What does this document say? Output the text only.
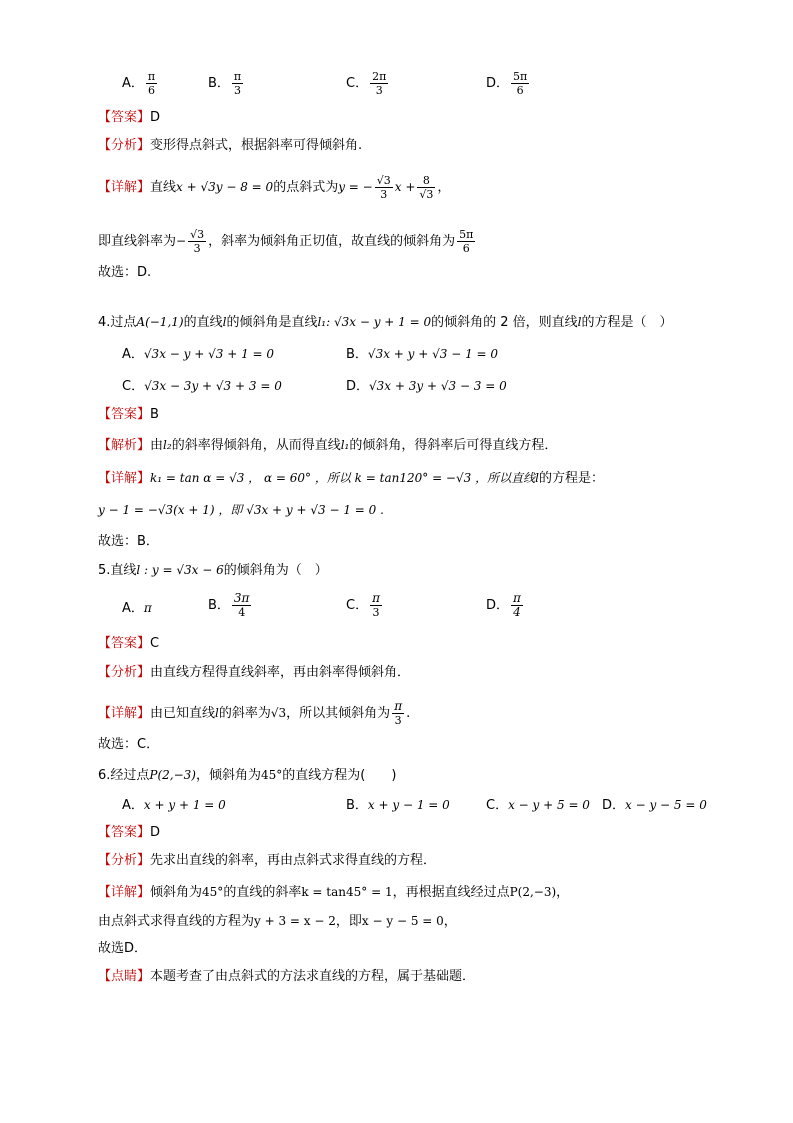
A． $\frac{\pi}{6}$	B． $\frac{\pi}{3}$	C． $\frac{2\pi}{3}$	D． $\frac{5\pi}{6}$
【答案】D
【分析】变形得点斜式，根据斜率可得倾斜角.
【详解】直线x + √3y − 8 = 0的点斜式为y = − $\frac{√3}{3}$ $x + \frac{8}{√3}$ ，
即直线斜率为− $\frac{√3}{3}$ ，斜率为倾斜角正切值，故直线的倾斜角为 $\frac{5\pi}{6}$
故选：D.
4.过点A(−1,1)的直线l的倾斜角是直线l₁: √3x − y + 1 = 0的倾斜角的 2 倍，则直线l的方程是（　）
A．√3x − y + √3 + 1 = 0	B．√3x + y + √3 − 1 = 0
C．√3x − 3y + √3 + 3 = 0	D．√3x + 3y + √3 − 3 = 0
【答案】B
【解析】由l₂的斜率得倾斜角，从而得直线l₁的倾斜角，得斜率后可得直线方程．
【详解】k₁ = tan α = √3 ， α = 60° ，所以 k = tan120° = −√3 ，所以直线l的方程是：
y − 1 = −√3(x + 1) ，即 √3x + y + √3 − 1 = 0 .
故选：B．
5.直线l : y = √3x − 6的倾斜角为（　）
A．π	B． $\frac{3\pi}{4}$	C． $\frac{\pi}{3}$	D． $\frac{\pi}{4}$
【答案】C
【分析】由直线方程得直线斜率，再由斜率得倾斜角．
【详解】由已知直线l的斜率为√3，所以其倾斜角为 $\frac{\pi}{3}$ .
故选：C．
6.经过点P(2,−3)，倾斜角为45°的直线方程为(　　)
A．x + y + 1 = 0	B．x + y − 1 = 0	C．x − y + 5 = 0 D．x − y − 5 = 0
【答案】D
【分析】先求出直线的斜率，再由点斜式求得直线的方程．
【详解】倾斜角为45°的直线的斜率k = tan45° = 1，再根据直线经过点P(2,−3)，
由点斜式求得直线的方程为y + 3 = x − 2，即x − y − 5 = 0，
故选D．
【点睛】本题考查了由点斜式的方法求直线的方程，属于基础题．
